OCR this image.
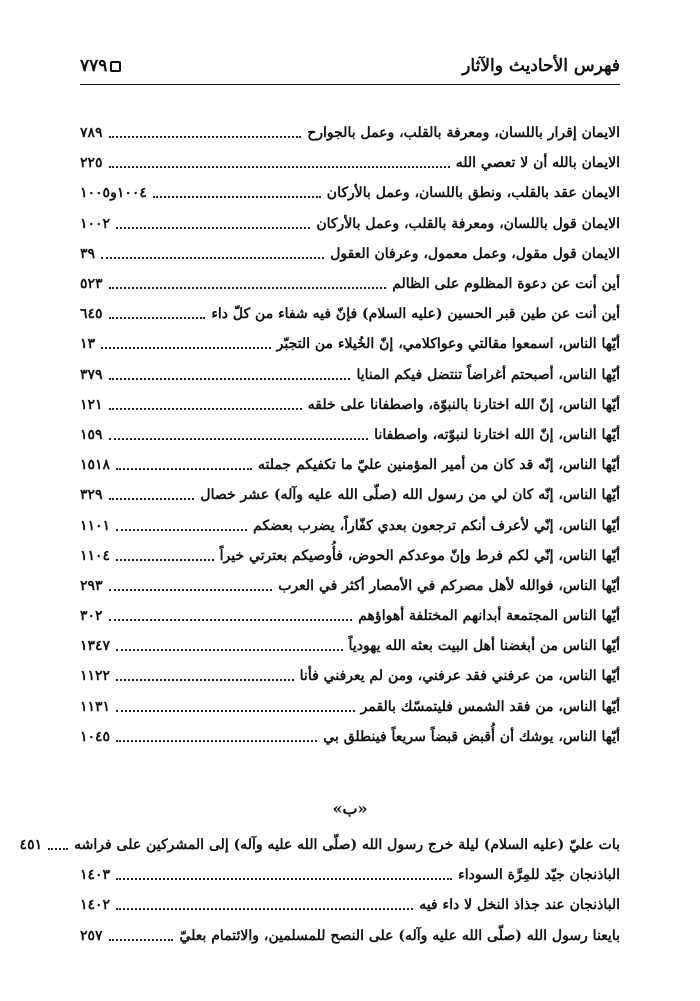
فهرس الأحاديث والآثار
٧٧٩
الايمان إقرار باللسان، ومعرفة بالقلب، وعمل بالجوارح
٧٨٩
الايمان بالله أن لا تعصي الله
٢٢٥
الايمان عقد بالقلب، ونطق باللسان، وعمل بالأركان
١٠٠٤و١٠٠٥
الايمان قول باللسان، ومعرفة بالقلب، وعمل بالأركان
١٠٠٢
الايمان قول مقول، وعمل معمول، وعرفان العقول
٣٩
أين أنت عن دعوة المظلوم على الظالم
٥٢٣
أين أنت عن طين قبر الحسين (عليه السلام) فإنّ فيه شفاء من كلّ داء
٦٤٥
أيّها الناس، اسمعوا مقالتي وعواكلامي، إنّ الخُيلاء من التجبّر
١٣
أيّها الناس، أصبحتم أغراضاً تنتضل فيكم المنايا
٣٧٩
أيّها الناس، إنّ الله اختارنا بالنبوّة، واصطفانا على خلقه
١٢١
أيّها الناس، إنّ الله اختارنا لنبوّته، واصطفانا
١٥٩
أيّها الناس، إنّه قد كان من أمير المؤمنين عليّ ما تكفيكم جملته
١٥١٨
أيّها الناس، إنّه كان لي من رسول الله (صلّى الله عليه وآله) عشر خصال
٣٢٩
أيّها الناس، إنّي لأعرف أنكم ترجعون بعدي كفّاراً، يضرب بعضكم
١١٠١
أيّها الناس، إنّي لكم فرط وإنّ موعدكم الحوض، فأُوصيكم بعترتي خيراً
١١٠٤
أيّها الناس، فوالله لأهل مصركم في الأمصار أكثر في العرب
٢٩٣
أيّها الناس المجتمعة أبدانهم المختلفة أهواؤهم
٣٠٢
أيّها الناس من أبغضنا أهل البيت بعثه الله يهودياً
١٣٤٧
أيّها الناس، من عرفني فقد عرفني، ومن لم يعرفني فأنا
١١٢٢
أيّها الناس، من فقد الشمس فليتمسّك بالقمر
١١٣١
أيّها الناس، يوشك أن أُقبض قبضاً سريعاً فينطلق بي
١٠٤٥
«ب»
بات عليّ (عليه السلام) ليلة خرج رسول الله (صلّى الله عليه وآله) إلى المشركين على فراشه
٤٥١
الباذنجان جيّد للمِرَّة السوداء
١٤٠٣
الباذنجان عند جذاذ النخل لا داء فيه
١٤٠٢
بايعنا رسول الله (صلّى الله عليه وآله) على النصح للمسلمين، والائتمام بعليّ
٢٥٧
